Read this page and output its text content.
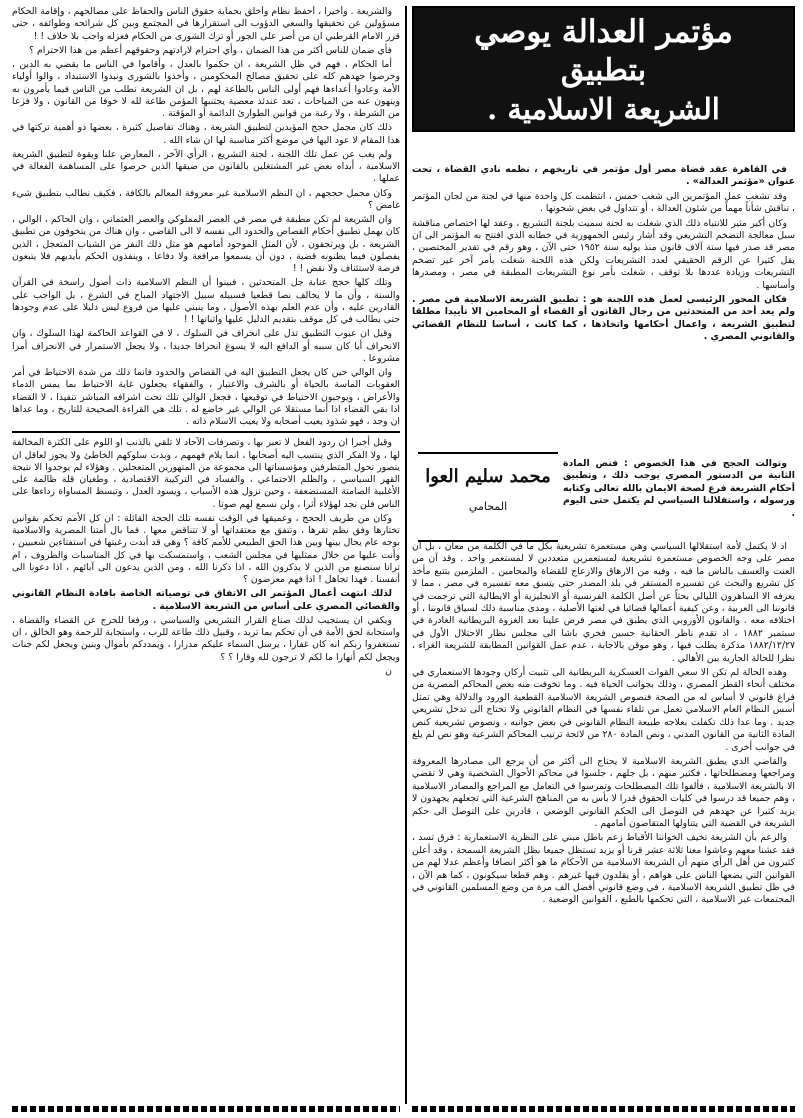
والشريعة . وأخيرا ، أحفظ نظام وأخلق بحماية حقوق الناس والحفاظ على مصالحهم ، وإقامة الحكام مسؤولين عن تحقيقها والسعي الدؤوب الى استقرارها في المجتمع وبين كل شرائحه وطوائفه ، حتى قرر الامام القرطبي ان من أصر على الجور أو ترك الشورى من الحكام فعزله واجب بلا خلاف ! !

فأي ضمان للناس أكثر من هذا الضمان ، وأي احترام لارادتهم وحقوقهم أعظم من هذا الاحترام ؟

أما الحكام ، فهم في ظل الشريعة ، ان حكموا بالعدل ، وأقاموا في الناس ما يقضي به الدين ، وحرصوا جهدهم كله على تحقيق مصالح المحكومين ، وأخذوا بالشورى ونبذوا الاستبداد ، والوا أولياء الأمة وعادوا أعداءها فهم أولى الناس بالطاعة لهم ، بل ان الشريعة تطلب من الناس فيما يأمرون به وينهون عنه من المباحات ، تعد عندئذ معصية يجتنبها المؤمن طاعة لله لا خوفا من القانون ، ولا فزعا من الشرطة ، ولا رغبة من قوانين الطوارئ الدائمة أو المؤقتة .

ذلك كان مجمل حجج المؤيدين لتطبيق الشريعة ، وهناك تفاصيل كثيرة ، بعضها ذو أهمية تركتها في هذا المقام لا عود اليها في موضع أكثر مناسبة لها ان شاء الله .

ولم يغب عن عمل تلك اللجنة ، لجنة التشريع ، الرأي الآخر ، المعارض علنا وبقوة لتطبيق الشريعة الاسلامية ، أبداه بعض غير المشتغلين بالقانون من ضيقها الذين حرصوا على المساهمة الفعالة في عملها .

وكان مجمل حججهم ، ان النظم الاسلامية غير معروفة المعالم بالكافة ، فكيف نطالب بتطبيق شيء غامض ؟

وان الشريعة لم تكن مطبقة في مصر في العصر المملوكي والعصر العثماني ، وان الحاكم ، الوالي ، كان يهمل تطبيق أحكام القصاص والحدود الى نفسه لا الى القاضي ، وان هناك من يتخوفون من تطبيق الشريعة ، بل ويرتجفون ، لأن المثل الموجود أمامهم هو مثل ذلك النفر من الشباب المتعجل ، الذين يفصلون فيما يظنونه قضية ، دون أن يسمعوا مرافعة ولا دفاعا ، وينفذون الحكم بأيديهم فلا يتبعون فرصة لاستئناف ولا نقض ! !

وتلك كلها حجج عنابة جل المتحدثين ، فبينوا أن النظم الاسلامية ذات أصول راسخة في القرآن والسنة ، وأن ما لا يخالف نصا قطعيا فسبيله سبيل الاجتهاد المباح في الشرع ، بل الواجب على القادرين عليه ، وأن عدم العلم بهذه الأصول ، وما ينبني عليها من فروع ليس دليلا على عدم وجودها حتى يطالب في كل موقف بتقديم الدليل عليها واثباتها ! !

وقيل ان عيوب التطبيق تدل على انحراف في السلوك ، لا في القواعد الحاكمة لهذا السلوك ، وان الانحراف أيا كان سببه أو الدافع اليه لا يسوغ انحرافا جديدا ، ولا يجعل الاستمرار في الانحراف أمرا مشروعا .

وان الوالي حين كان يجعل التطبيق اليه في القصاص والحدود فانما ذلك من شدة الاحتياط في أمر العقوبات الماسة بالحياة أو بالشرف والاعتبار ، والفقهاء يجعلون غاية الاحتياط بما يمس الدماء والأعراض ، ويوجبون الاحتياط في توقيعها ، فجعل الوالي تلك تحت اشرافه المباشر تنفيذا ، لا القضاء اذا بقي القضاء اذا أنما مستقلا عن الوالي غير خاضع له . تلك هي القراءة الصحيحة للتاريخ ، وما عداها ان وجد ، فهو شذوذ يعيب أصحابه ولا يعيب الاسلام ذاته .

وقيل أخيرا ان ردود الفعل لا تعبر بها ، وتصرفات الآحاد لا تلقي بالذنب او اللوم على الكثرة المخالفة لها ، ولا الفكر الذي ينتسب اليه أصحابها ، انما يلام فهمهم ، وبدت سلوكهم الخاطئ ولا يجوز لعاقل ان يتصور تحول المتطرفين ومؤسساتها الى مجموعة من المتهورين المتعجلين . وهؤلاء لم يوجدوا الا نتيجة القهر السياسي ، والظلم الاجتماعي ، والفساد في التركيبة الاقتصادية ، وطغيان قلة ظالمة على الأغلبية الصامتة المستضعفة ، وحين تزول هذه الأسباب ، ويسود العدل ، وتبسط المساواة رداءها على الناس فلن نجد لهؤلاء أثرا ، ولن نسمع لهم صوتا .

وكان من طريف الحجج ، وعميقها في الوقت نفسه تلك الحجة القائلة : ان كل الأمم تحكم بقوانين تختارها وفق نظم تقرها ، وتتفق مع معتقداتها أو لا تتناقض معها . فما بال أمتنا المصرية والاسلامية بوجه عام يحال بينها وبين هذا الحق الطبيعي للأمم كافة ؟ وهي قد أبدت رغبتها في استفتاءين شعبيين ، وأنت عليها من خلال ممثليها في مجلس الشعب ، واستمسكت بها في كل المناسبات والظروف ، ام ترانا سنصنع من الذين لا يذكرون الله ، اذا ذكرنا الله ، ومن الذين يدعون الى آبائهم ، اذا دعونا الى أنفسنا . فهذا تجاهل ! اذا فهم معرضون ؟

لذلك انتهت أعمال المؤتمر الى الاتفاق في توصياته الخاصة بافادة النظام القانوني والقضائي المصري على أساس من الشريعة الاسلامية .

ويكفي ان يستجيب لذلك صناع القرار التشريعي والسياسي ، ورفعا للحرج عن القضاء والقضاة ، واستجابة لحق الأمة في أن تحكم بما تريد ، وقبيل ذلك طاعة للرب ، واستجابة للرحمة وهو الخالق ، ان تستغفروا ربكم انه كان غفارا ، يرسل السماء عليكم مدرارا ، ويمددكم بأموال وبنين ويجعل لكم جنات ويجعل لكم أنهارا ما لكم لا ترجون لله وقارا ؟ ؟

ن

مؤتمر العدالة يوصي
بتطبيق
الشريعة الاسلامية .

في القاهرة عقد قضاة مصر أول مؤتمر في تاريخهم ، نظمه نادي القضاة ، تحت عنوان «مؤتمر العدالة» .

وقد تشعب عمل المؤتمرين الى شعب خمس ، انتظمت كل واحدة منها في لجنة من لجان المؤتمر ، تناقش شأناً مهماً من شئون العدالة ، أو تتداول في بعض شجونها .

وكان أكبر مثير للانتباه ذلك الذي شغلت به لجنة سميت بلجنة التشريع ، وعقد لها اختصاص مناقشة سبل معالجة التضخم التشريعي وقد أشار رئيس الجمهورية في خطابه الذي افتتح به المؤتمر الى ان مصر قد صدر فيها ستة آلاف قانون منذ يوليه سنة ١٩٥٢ حتى الآن ، وهو رقم في تقدير المختصين ، يقل كثيرا عن الرقم الحقيقي لعدد التشريعات ولكن هذه اللجنة شغلت بأمر آخر غير تضخم التشريعات وزيادة عددها بلا توقف ، شغلت بأمر نوع التشريعات المطبقة في مصر ، ومصدرها وأساسها .

فكان المحور الرئيسي لعمل هذه اللجنة هو : تطبيق الشريعة الاسلامية في مصر . ولم يعد أحد من المتحدثين من رجال القانون أو القضاء أو المحامين الا تأييدا مطلقا لتطبيق الشريعة ، واعمال أحكامها واتخاذها ، كما كانت ، أساسا للنظام القضائي والقانوني المصري .

محمد سليم العوا
المحامي

وتوالت الحجج في هذا الخصوص : فنص المادة الثانية من الدستور المصري يوجب ذلك ، وتطبيق أحكام الشريعة فرع لصحة الايمان بالله تعالى وكتابه ورسوله ، واستقلالنا السياسي لم يكتمل حتى اليوم .

اذ لا يكتمل لأمة استقلالها السياسي وهي مستعمرة تشريعية بكل ما في الكلمة من معان ، بل ان مصر على وجه الخصوص مستعمرة تشريعية لمستعمرين متعددين لا لمستعمر واحد . وقد آن من العنت والعسف بالناس ما فيه ، وفيه من الارهاق والازعاج للقضاة والمحامين . الملزمين بتتبع مأخذ كل تشريع والبحث عن تفسيره المستقر في بلد المصدر حتى يتسق معه تفسيره في مصر ، مما لا يعرفه الا الساهرون الليالي بحثاً عن أصل الكلمة الفرنسية أو الانجليزية أو الايطالية التي ترجمت في قانوننا الى العربية ، وعن كيفية أعمالها قضائيا في لغتها الأصلية ، ومدى مناسبة ذلك لسياق قانوننا ، أو اختلافه معه . والقانون الأوروبي الذي يطبق في مصر فرض علينا بعد الغزوة البريطانية الغادرة في سبتمبر ١٨٨٢ ، اذ تقدم ناظر الحقانية حسين فخري باشا الى مجلس نظار الاحتلال الأول في ١٨٨٢/١٢/٢٧ مذكرة يطلب فيها ، وهو موقن بالاجابة ، عدم عمل القوانين المطابقة للشريعة الغراء ، نظرا للحالة الجارية بين الأهالي .

وهذه الحالة لم تكن الا سعي القوات العسكرية البريطانية الى تثبيت أركان وجودها الاستعماري في مختلف أنحاء القطر المصري ، وذلك بجوانب الحياة فيه . وما تخوفت منه بعض المحاكم المصرية من فراغ قانوني لا أساس له من الصحة فنصوص الشريعة الاسلامية القطعية الورود والدلالة وهي تمثل أسس النظام العام الاسلامي تعمل من تلقاء نفسها في النظام القانوني ولا تحتاج الى تدخل تشريعي جديد . وما عدا ذلك تكفلت بعلاجه طبيعة النظام القانوني في بعض جوانبه ، ونصوص تشريعية كنص المادة الثانية من القانون المدني ، ونص المادة ٢٨٠ من لائحة ترتيب المحاكم الشرعية وهو نص لم يلغ في جوانب أخرى .

والقاضي الذي يطبق الشريعة الاسلامية لا يحتاج الى أكثر من أن يرجع الى مصادرها المعروفة ومراجعها ومصطلحاتها ، فكثير منهم ، بل جلهم ، جلسوا في محاكم الأحوال الشخصية وهي لا تقضي الا بالشريعة الاسلامية ، فألفوا تلك المصطلحات وتمرسوا في التعامل مع المراجع والمصادر الاسلامية ، وهم جميعا قد درسوا في كليات الحقوق قدرا لا بأس به من المناهج الشرعية التي تجعلهم يجهدون لا يزيد كثيرا عن جهدهم في التوصل الى الحكم القانوني الوضعي ، قادرين على التوصل الى حكم الشريعة في القضية التي يتناولها المتقاضون أمامهم .

والزعم بأن الشريعة تخيف الخواننا الأقباط زعم باطل مبني على النظرية الاستعمارية : فرق تسد ، فقد عشنا معهم وعاشوا معنا ثلاثة عشر قرنا أو يزيد تستظل جميعا بظل الشريعة السمحة ، وقد أعلن كثيرون من أهل الرأي منهم أن الشريعة الاسلامية من الأحكام ما هو أكثر انصافا وأعظم عدلا لهم من القوانين التي يضعها الناس على هواهم ، أو يقلدون فيها غيرهم . وهم قطعا سيكونون ، كما هم الآن ، في ظل تطبيق الشريعة الاسلامية ، في وضع قانوني أفضل الف مرة من وضع المسلمين القانوني في المجتمعات غير الاسلامية ، التي تحكمها بالطبع ، القوانين الوضعية .
